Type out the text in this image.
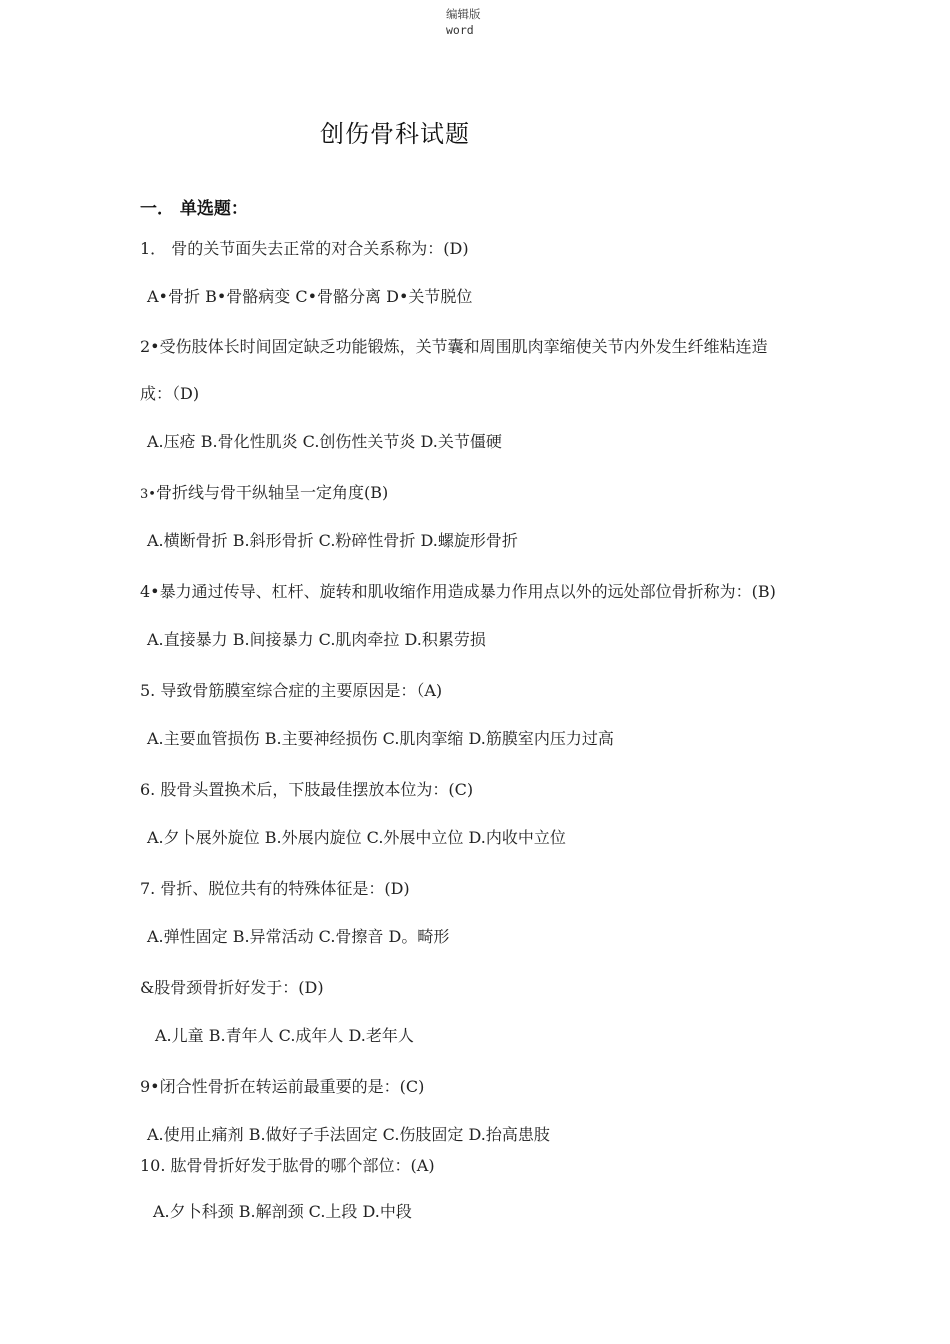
编辑版
word
创伤骨科试题
一． 单选题：
1． 骨的关节面失去正常的对合关系称为：(D)
A•骨折 B•骨骼病变 C•骨骼分离 D•关节脱位
2•受伤肢体长时间固定缺乏功能锻炼，关节囊和周围肌肉挛缩使关节内外发生纤维粘连造
成：（D)
A.压疮 B.骨化性肌炎 C.创伤性关节炎 D.关节僵硬
3•骨折线与骨干纵轴呈一定角度(B)
A.横断骨折 B.斜形骨折 C.粉碎性骨折 D.螺旋形骨折
4•暴力通过传导、杠杆、旋转和肌收缩作用造成暴力作用点以外的远处部位骨折称为：(B)
A.直接暴力 B.间接暴力 C.肌肉牵拉 D.积累劳损
5. 导致骨筋膜室综合症的主要原因是：（A)
A.主要血管损伤 B.主要神经损伤 C.肌肉挛缩 D.筋膜室内压力过高
6. 股骨头置换术后，下肢最佳摆放本位为：(C)
A.夕卜展外旋位 B.外展内旋位 C.外展中立位 D.内收中立位
7. 骨折、脱位共有的特殊体征是：(D)
A.弹性固定 B.异常活动 C.骨擦音 D。畸形
&股骨颈骨折好发于：(D)
A.儿童 B.青年人 C.成年人 D.老年人
9•闭合性骨折在转运前最重要的是：(C)
A.使用止痛剂 B.做好子手法固定 C.伤肢固定 D.抬高患肢
10. 肱骨骨折好发于肱骨的哪个部位：(A)
A.夕卜科颈 B.解剖颈 C.上段 D.中段
